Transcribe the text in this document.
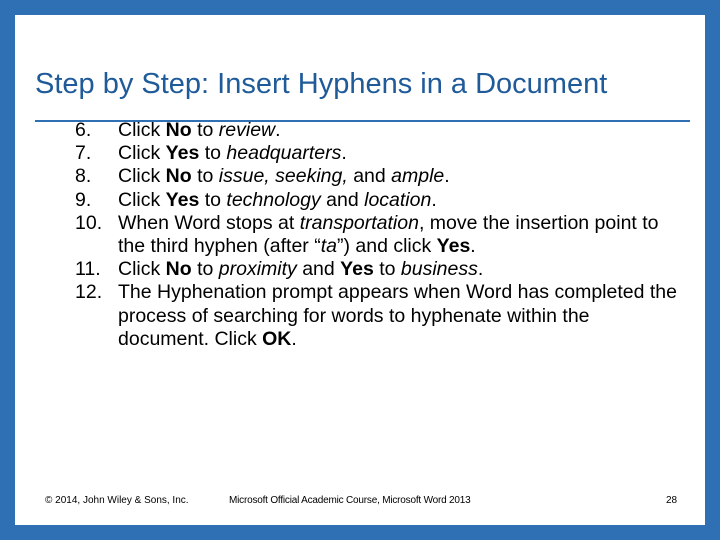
Step by Step: Insert Hyphens in a Document
6. Click No to review.
7. Click Yes to headquarters.
8. Click No to issue, seeking, and ample.
9. Click Yes to technology and location.
10. When Word stops at transportation, move the insertion point to the third hyphen (after “ta”) and click Yes.
11. Click No to proximity and Yes to business.
12. The Hyphenation prompt appears when Word has completed the process of searching for words to hyphenate within the document. Click OK.
© 2014, John Wiley & Sons, Inc.	Microsoft Official Academic Course, Microsoft Word 2013	28
